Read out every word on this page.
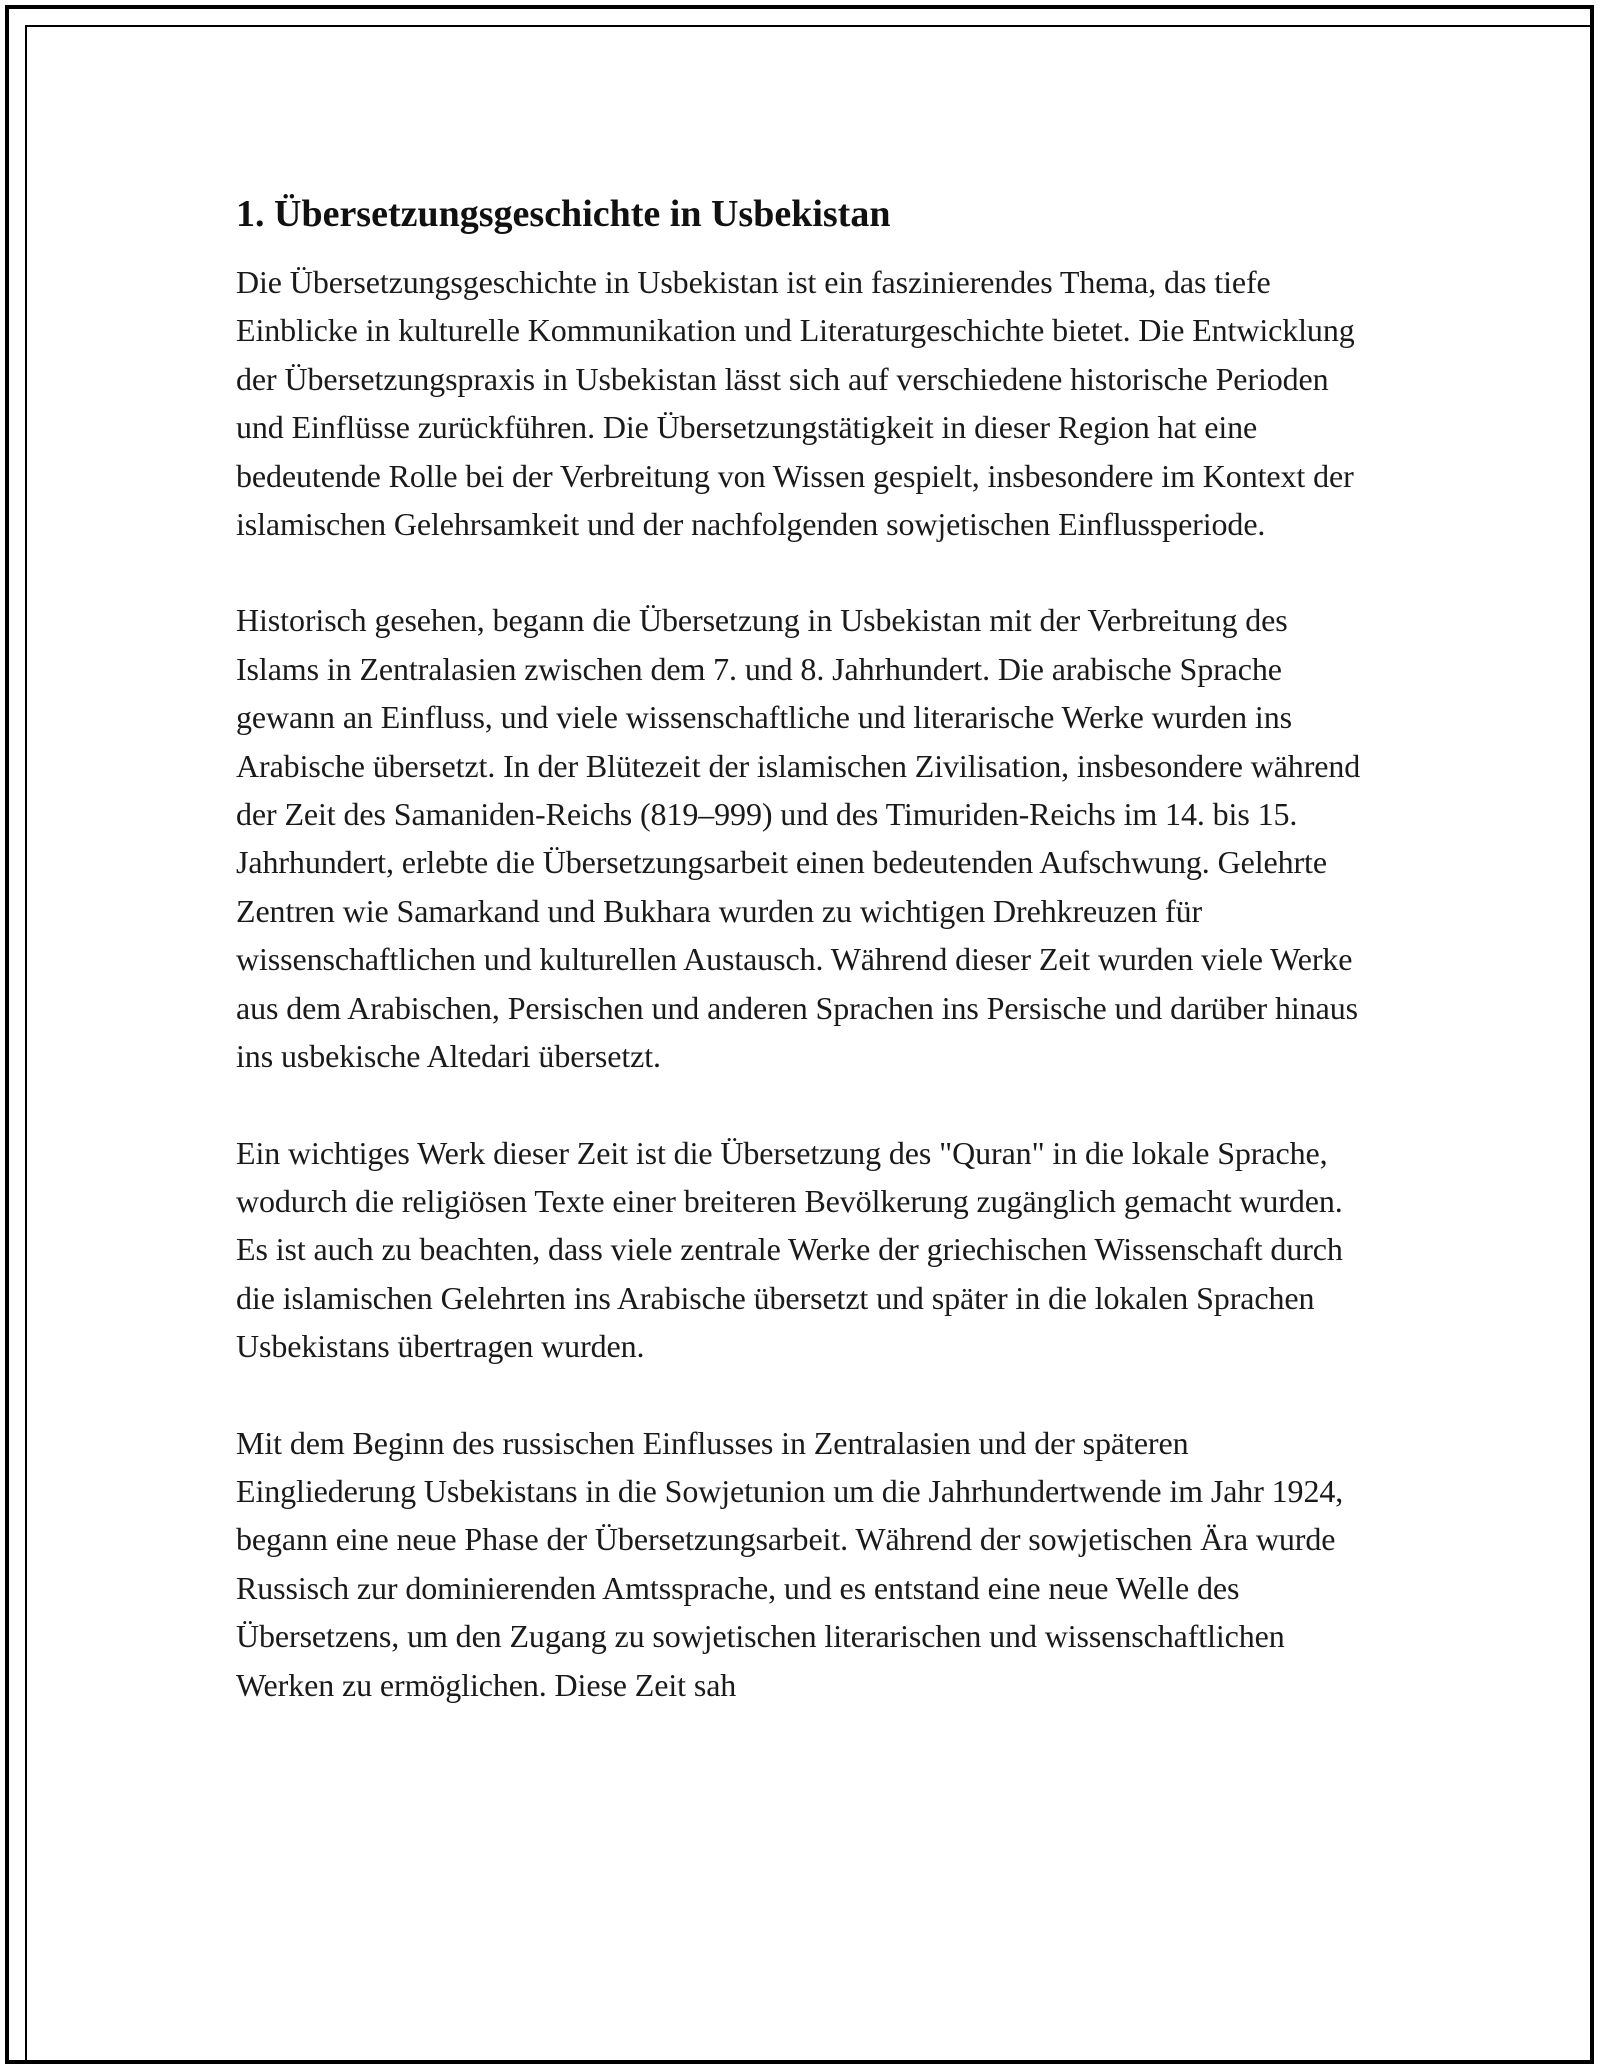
1. Übersetzungsgeschichte in Usbekistan

Die Übersetzungsgeschichte in Usbekistan ist ein faszinierendes Thema, das tiefe Einblicke in kulturelle Kommunikation und Literaturgeschichte bietet. Die Entwicklung der Übersetzungspraxis in Usbekistan lässt sich auf verschiedene historische Perioden und Einflüsse zurückführen. Die Übersetzungstätigkeit in dieser Region hat eine bedeutende Rolle bei der Verbreitung von Wissen gespielt, insbesondere im Kontext der islamischen Gelehrsamkeit und der nachfolgenden sowjetischen Einflussperiode.

Historisch gesehen, begann die Übersetzung in Usbekistan mit der Verbreitung des Islams in Zentralasien zwischen dem 7. und 8. Jahrhundert. Die arabische Sprache gewann an Einfluss, und viele wissenschaftliche und literarische Werke wurden ins Arabische übersetzt. In der Blütezeit der islamischen Zivilisation, insbesondere während der Zeit des Samaniden-Reichs (819–999) und des Timuriden-Reichs im 14. bis 15. Jahrhundert, erlebte die Übersetzungsarbeit einen bedeutenden Aufschwung. Gelehrte Zentren wie Samarkand und Bukhara wurden zu wichtigen Drehkreuzen für wissenschaftlichen und kulturellen Austausch. Während dieser Zeit wurden viele Werke aus dem Arabischen, Persischen und anderen Sprachen ins Persische und darüber hinaus ins usbekische Altedari übersetzt.

Ein wichtiges Werk dieser Zeit ist die Übersetzung des "Quran" in die lokale Sprache, wodurch die religiösen Texte einer breiteren Bevölkerung zugänglich gemacht wurden. Es ist auch zu beachten, dass viele zentrale Werke der griechischen Wissenschaft durch die islamischen Gelehrten ins Arabische übersetzt und später in die lokalen Sprachen Usbekistans übertragen wurden.

Mit dem Beginn des russischen Einflusses in Zentralasien und der späteren Eingliederung Usbekistans in die Sowjetunion um die Jahrhundertwende im Jahr 1924, begann eine neue Phase der Übersetzungsarbeit. Während der sowjetischen Ära wurde Russisch zur dominierenden Amtssprache, und es entstand eine neue Welle des Übersetzens, um den Zugang zu sowjetischen literarischen und wissenschaftlichen Werken zu ermöglichen. Diese Zeit sah
